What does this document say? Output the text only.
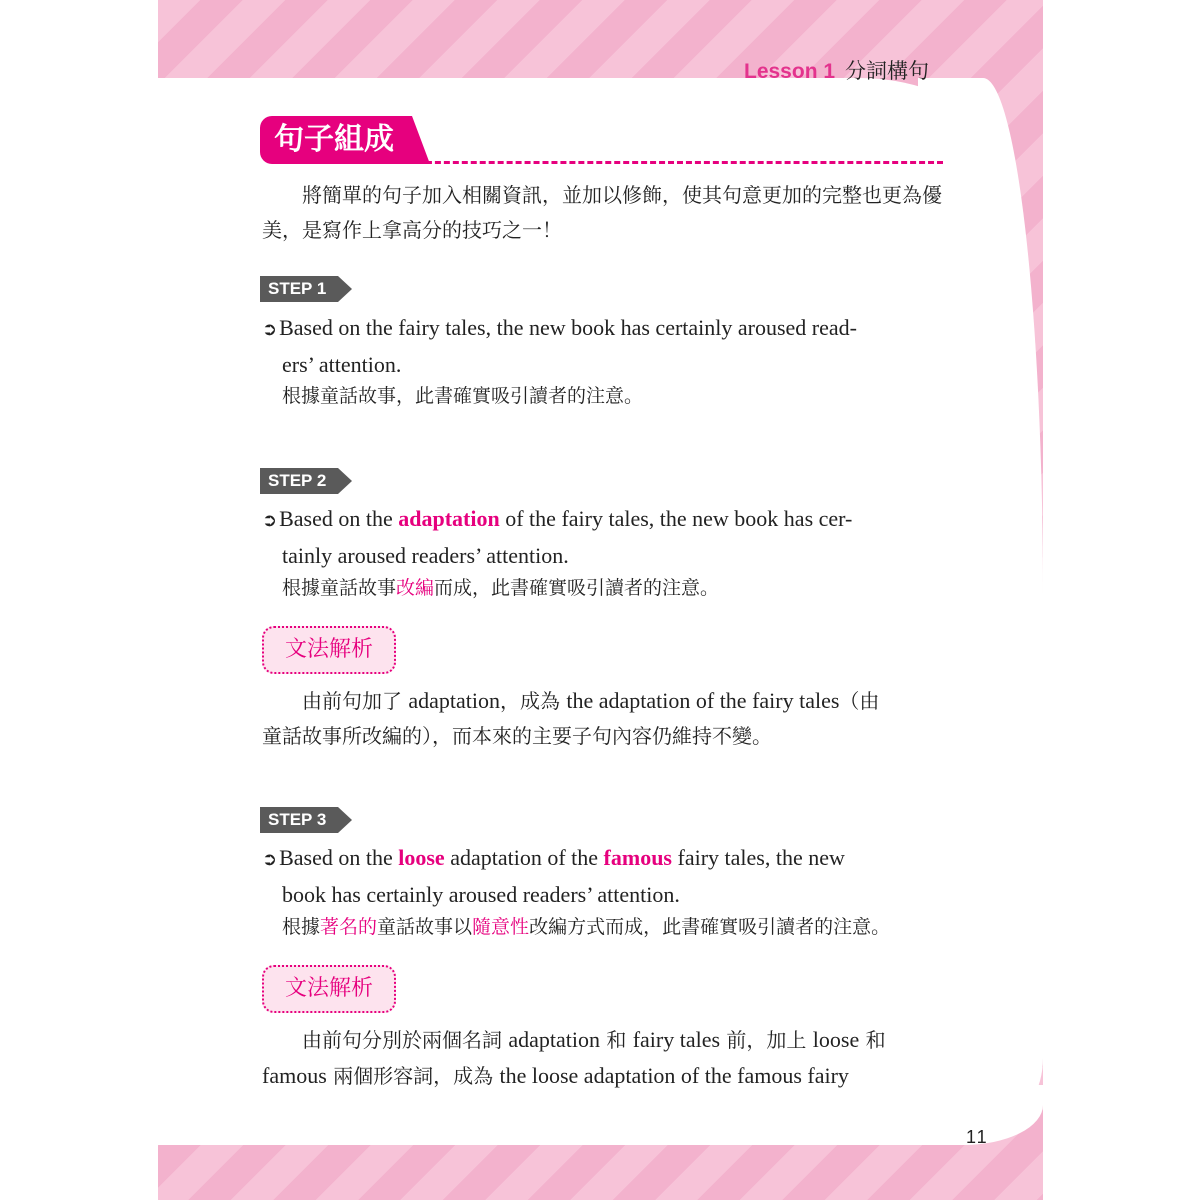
Lesson 1 分詞構句
句子組成
將簡單的句子加入相關資訊，並加以修飾，使其句意更加的完整也更為優美，是寫作上拿高分的技巧之一！
STEP 1
➲Based on the fairy tales, the new book has certainly aroused read-
ers’ attention.
根據童話故事，此書確實吸引讀者的注意。
STEP 2
➲Based on the adaptation of the fairy tales, the new book has cer-
tainly aroused readers’ attention.
根據童話故事改編而成，此書確實吸引讀者的注意。
文法解析
由前句加了 adaptation，成為 the adaptation of the fairy tales（由
童話故事所改編的），而本來的主要子句內容仍維持不變。
STEP 3
➲Based on the loose adaptation of the famous fairy tales, the new
book has certainly aroused readers’ attention.
根據著名的童話故事以隨意性改編方式而成，此書確實吸引讀者的注意。
文法解析
由前句分別於兩個名詞 adaptation 和 fairy tales 前，加上 loose 和
famous 兩個形容詞，成為 the loose adaptation of the famous fairy
11
